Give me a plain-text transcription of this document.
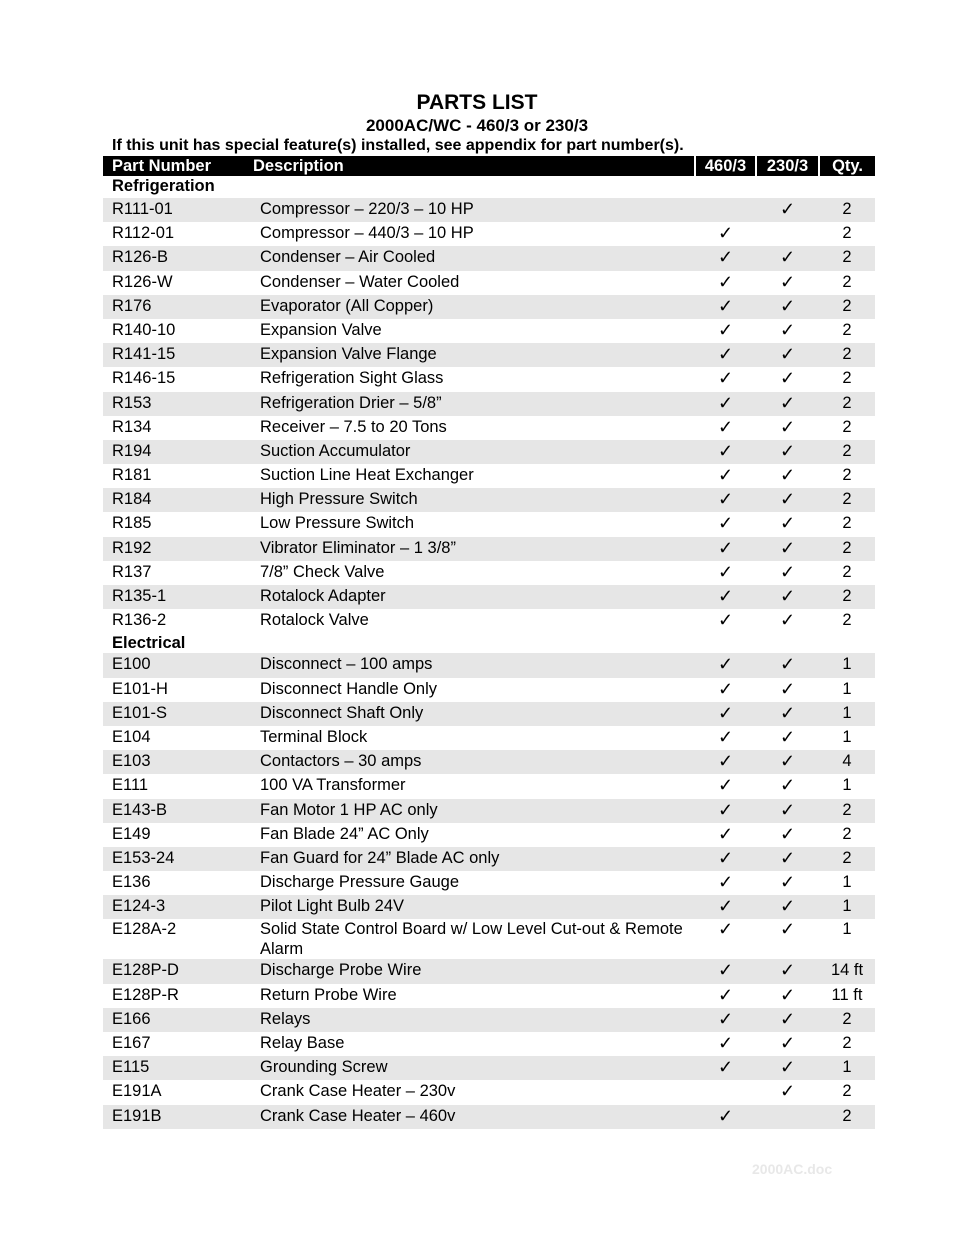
PARTS LIST
2000AC/WC - 460/3 or 230/3
If this unit has special feature(s) installed, see appendix for part number(s).
Part Number	Description	460/3	230/3	Qty.
Refrigeration				
R111-01	Compressor – 220/3 – 10 HP		✓	2
R112-01	Compressor – 440/3 – 10 HP	✓		2
R126-B	Condenser – Air Cooled	✓	✓	2
R126-W	Condenser – Water Cooled	✓	✓	2
R176	Evaporator (All Copper)	✓	✓	2
R140-10	Expansion Valve	✓	✓	2
R141-15	Expansion Valve Flange	✓	✓	2
R146-15	Refrigeration Sight Glass	✓	✓	2
R153	Refrigeration Drier – 5/8”	✓	✓	2
R134	Receiver – 7.5 to 20 Tons	✓	✓	2
R194	Suction Accumulator	✓	✓	2
R181	Suction Line Heat Exchanger	✓	✓	2
R184	High Pressure Switch	✓	✓	2
R185	Low Pressure Switch	✓	✓	2
R192	Vibrator Eliminator – 1 3/8”	✓	✓	2
R137	7/8” Check Valve	✓	✓	2
R135-1	Rotalock Adapter	✓	✓	2
R136-2	Rotalock Valve	✓	✓	2
Electrical				
E100	Disconnect – 100 amps	✓	✓	1
E101-H	Disconnect Handle Only	✓	✓	1
E101-S	Disconnect Shaft Only	✓	✓	1
E104	Terminal Block	✓	✓	1
E103	Contactors – 30 amps	✓	✓	4
E111	100 VA Transformer	✓	✓	1
E143-B	Fan Motor 1 HP AC only	✓	✓	2
E149	Fan Blade 24” AC Only	✓	✓	2
E153-24	Fan Guard for 24” Blade AC only	✓	✓	2
E136	Discharge Pressure Gauge	✓	✓	1
E124-3	Pilot Light Bulb 24V	✓	✓	1
E128A-2	Solid State Control Board w/ Low Level Cut-out & Remote Alarm	✓	✓	1
E128P-D	Discharge Probe Wire	✓	✓	14 ft
E128P-R	Return Probe Wire	✓	✓	11 ft
E166	Relays	✓	✓	2
E167	Relay Base	✓	✓	2
E115	Grounding Screw	✓	✓	1
E191A	Crank Case Heater – 230v		✓	2
E191B	Crank Case Heater – 460v	✓		2
2000AC.doc
